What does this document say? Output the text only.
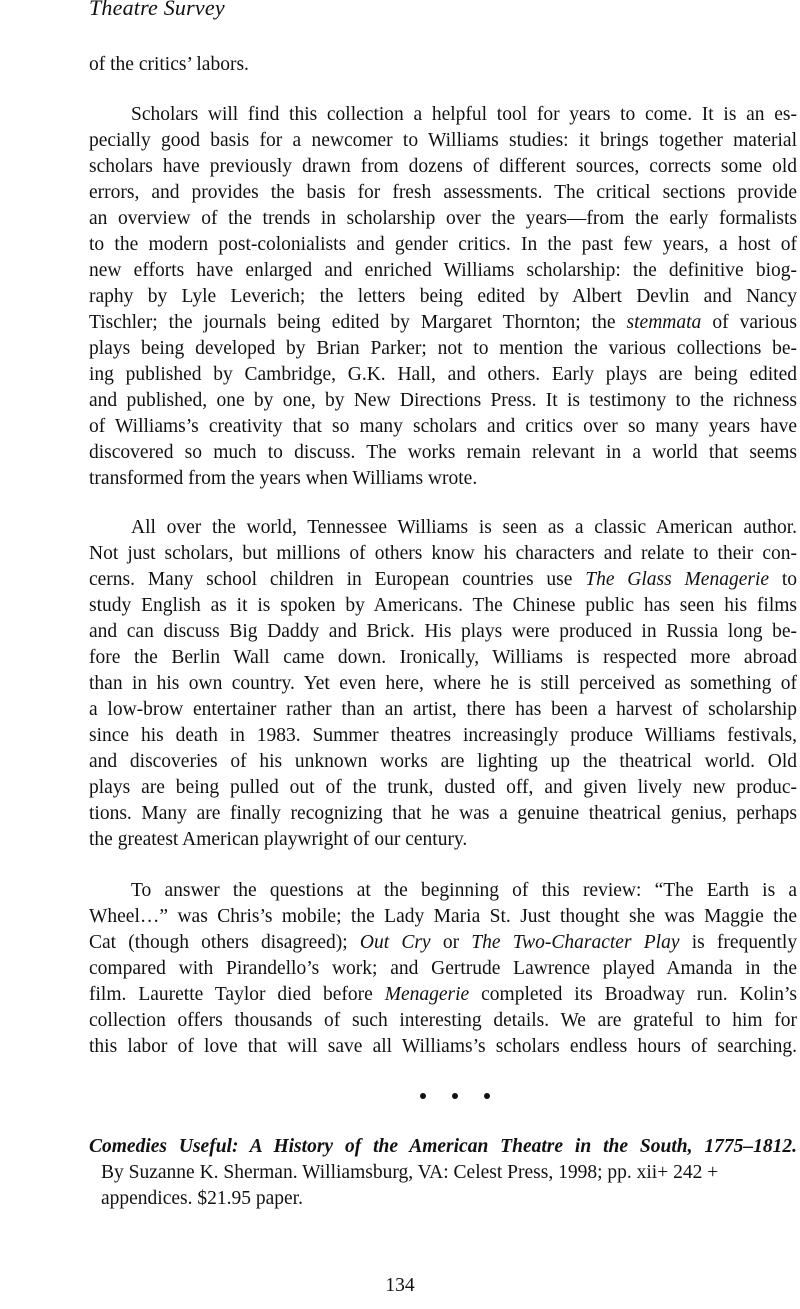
Theatre Survey
of the critics’ labors.
Scholars will find this collection a helpful tool for years to come. It is an es-
pecially good basis for a newcomer to Williams studies: it brings together material
scholars have previously drawn from dozens of different sources, corrects some old
errors, and provides the basis for fresh assessments. The critical sections provide
an overview of the trends in scholarship over the years—from the early formalists
to the modern post-colonialists and gender critics. In the past few years, a host of
new efforts have enlarged and enriched Williams scholarship: the definitive biog-
raphy by Lyle Leverich; the letters being edited by Albert Devlin and Nancy
Tischler; the journals being edited by Margaret Thornton; the stemmata of various
plays being developed by Brian Parker; not to mention the various collections be-
ing published by Cambridge, G.K. Hall, and others. Early plays are being edited
and published, one by one, by New Directions Press. It is testimony to the richness
of Williams’s creativity that so many scholars and critics over so many years have
discovered so much to discuss. The works remain relevant in a world that seems
transformed from the years when Williams wrote.
All over the world, Tennessee Williams is seen as a classic American author.
Not just scholars, but millions of others know his characters and relate to their con-
cerns. Many school children in European countries use The Glass Menagerie to
study English as it is spoken by Americans. The Chinese public has seen his films
and can discuss Big Daddy and Brick. His plays were produced in Russia long be-
fore the Berlin Wall came down. Ironically, Williams is respected more abroad
than in his own country. Yet even here, where he is still perceived as something of
a low-brow entertainer rather than an artist, there has been a harvest of scholarship
since his death in 1983. Summer theatres increasingly produce Williams festivals,
and discoveries of his unknown works are lighting up the theatrical world. Old
plays are being pulled out of the trunk, dusted off, and given lively new produc-
tions. Many are finally recognizing that he was a genuine theatrical genius, perhaps
the greatest American playwright of our century.
To answer the questions at the beginning of this review: “The Earth is a
Wheel…” was Chris’s mobile; the Lady Maria St. Just thought she was Maggie the
Cat (though others disagreed); Out Cry or The Two-Character Play is frequently
compared with Pirandello’s work; and Gertrude Lawrence played Amanda in the
film. Laurette Taylor died before Menagerie completed its Broadway run. Kolin’s
collection offers thousands of such interesting details. We are grateful to him for
this labor of love that will save all Williams’s scholars endless hours of searching.
Comedies Useful: A History of the American Theatre in the South, 1775–1812.
By Suzanne K. Sherman. Williamsburg, VA: Celest Press, 1998; pp. xii+ 242 +
appendices. $21.95 paper.
134
